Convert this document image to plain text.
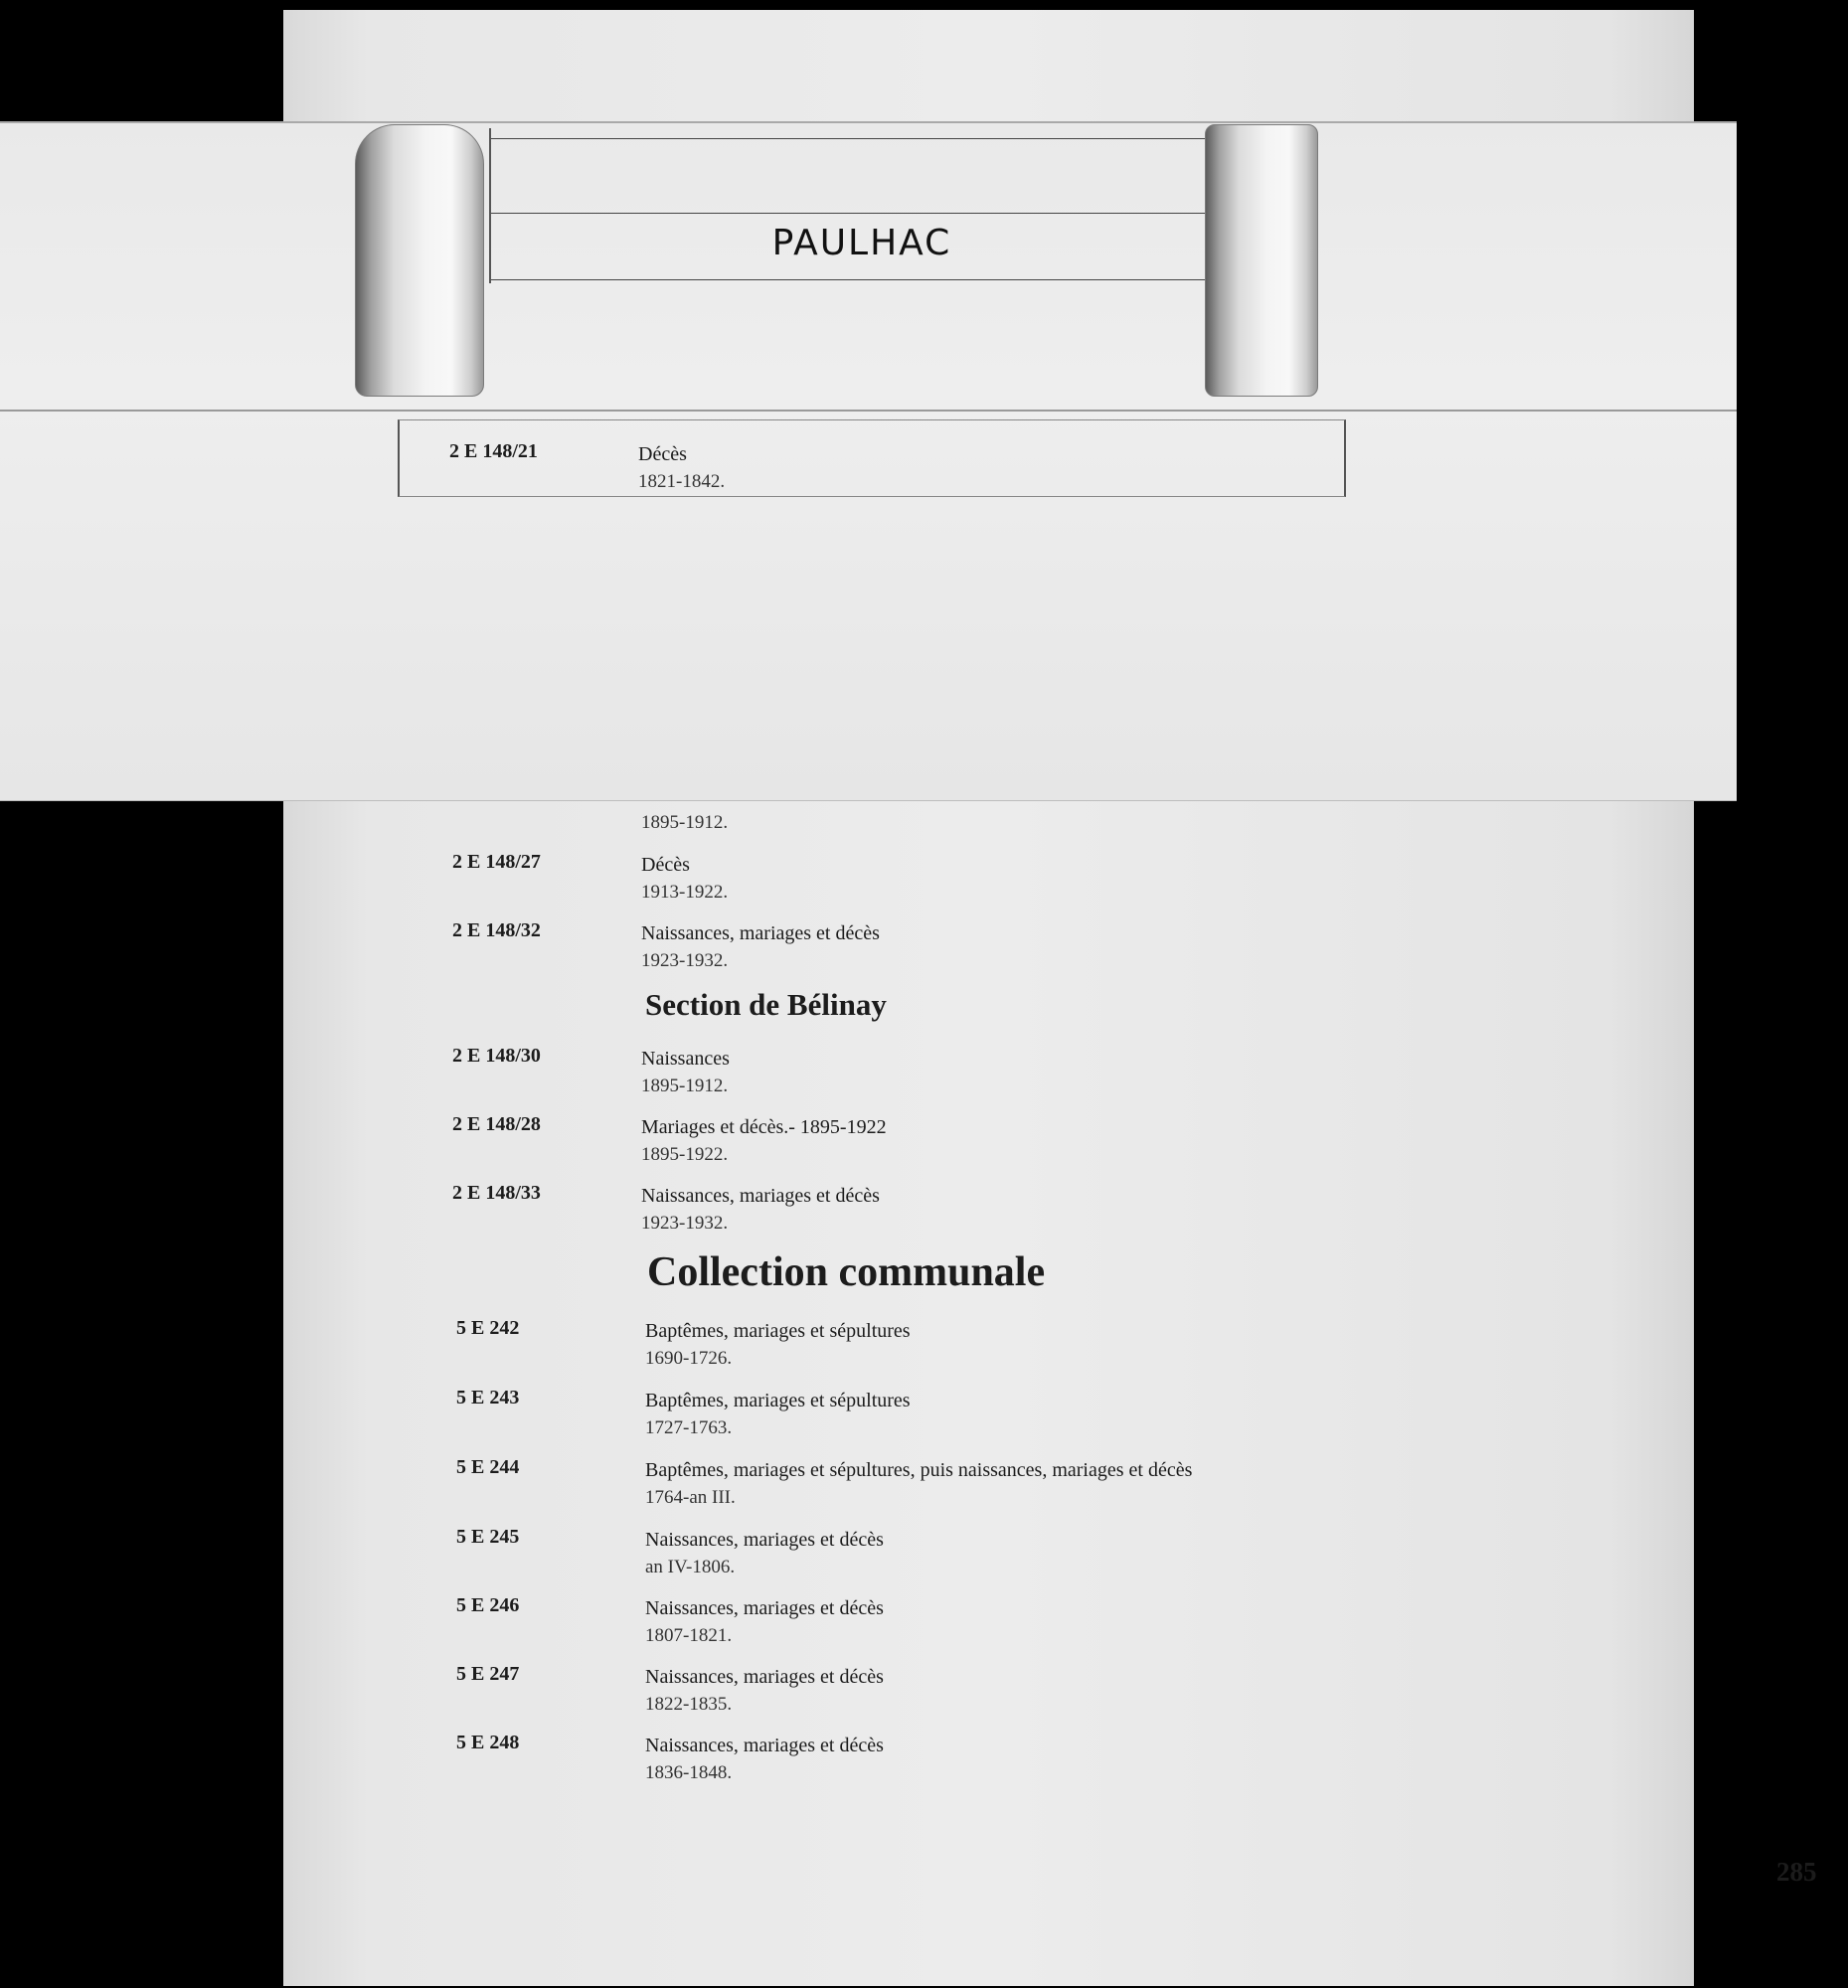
1895-1912.
2 E 148/27	Décès
1913-1922.
2 E 148/32	Naissances, mariages et décès
1923-1932.
Section de Bélinay
2 E 148/30	Naissances
1895-1912.
2 E 148/28	Mariages et décès.- 1895-1922
1895-1922.
2 E 148/33	Naissances, mariages et décès
1923-1932.
Collection communale
5 E 242	Baptêmes, mariages et sépultures
1690-1726.
5 E 243	Baptêmes, mariages et sépultures
1727-1763.
5 E 244	Baptêmes, mariages et sépultures, puis naissances, mariages et décès
1764-an III.
5 E 245	Naissances, mariages et décès
an IV-1806.
5 E 246	Naissances, mariages et décès
1807-1821.
5 E 247	Naissances, mariages et décès
1822-1835.
5 E 248	Naissances, mariages et décès
1836-1848.
285
PAULHAC
2 E 148/21	Décès
1821-1842.
